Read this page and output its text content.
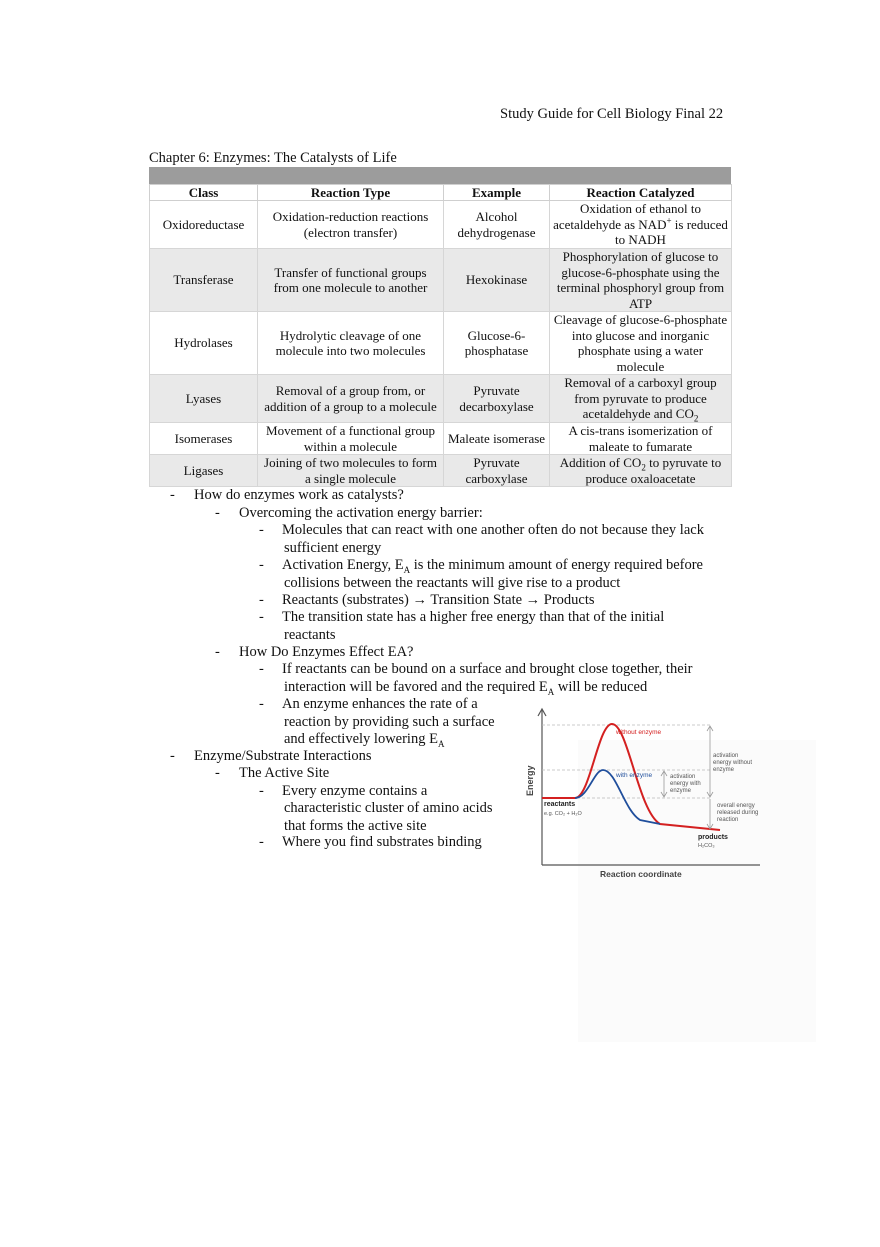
Study Guide for Cell Biology Final 22
Chapter 6: Enzymes: The Catalysts of Life
Class	Reaction Type	Example	Reaction Catalyzed
Oxidoreductase	Oxidation-reduction reactions (electron transfer)	Alcohol dehydrogenase	Oxidation of ethanol to acetaldehyde as NAD+ is reduced to NADH
Transferase	Transfer of functional groups from one molecule to another	Hexokinase	Phosphorylation of glucose to glucose-6-phosphate using the terminal phosphoryl group from ATP
Hydrolases	Hydrolytic cleavage of one molecule into two molecules	Glucose-6-phosphatase	Cleavage of glucose-6-phosphate into glucose and inorganic phosphate using a water molecule
Lyases	Removal of a group from, or addition of a group to a molecule	Pyruvate decarboxylase	Removal of a carboxyl group from pyruvate to produce acetaldehyde and $CO_2$
Isomerases	Movement of a functional group within a molecule	Maleate isomerase	A cis-trans isomerization of maleate to fumarate
Ligases	Joining of two molecules to form a single molecule	Pyruvate carboxylase	Addition of $CO_2$ to pyruvate to produce oxaloacetate
- How do enzymes work as catalysts?
- Overcoming the activation energy barrier:
- Molecules that can react with one another often do not because they lack
sufficient energy
- Activation Energy, $E_A$ is the minimum amount of energy required before
collisions between the reactants will give rise to a product
- Reactants (substrates) → Transition State → Products
- The transition state has a higher free energy than that of the initial
reactants
- How Do Enzymes Effect EA?
- If reactants can be bound on a surface and brought close together, their
interaction will be favored and the required $E_A$ will be reduced
- An enzyme enhances the rate of a
reaction by providing such a surface
and effectively lowering $E_A$
- Enzyme/Substrate Interactions
- The Active Site
- Every enzyme contains a
characteristic cluster of amino acids
that forms the active site
- Where you find substrates binding
Energy
Reaction coordinate
without enzyme
with enzyme	activation
energy with
enzyme
activation
energy without
enzyme
overall energy
released during
reaction
reactants
e.g. CO₂ + H₂O
products
H₂CO₃
